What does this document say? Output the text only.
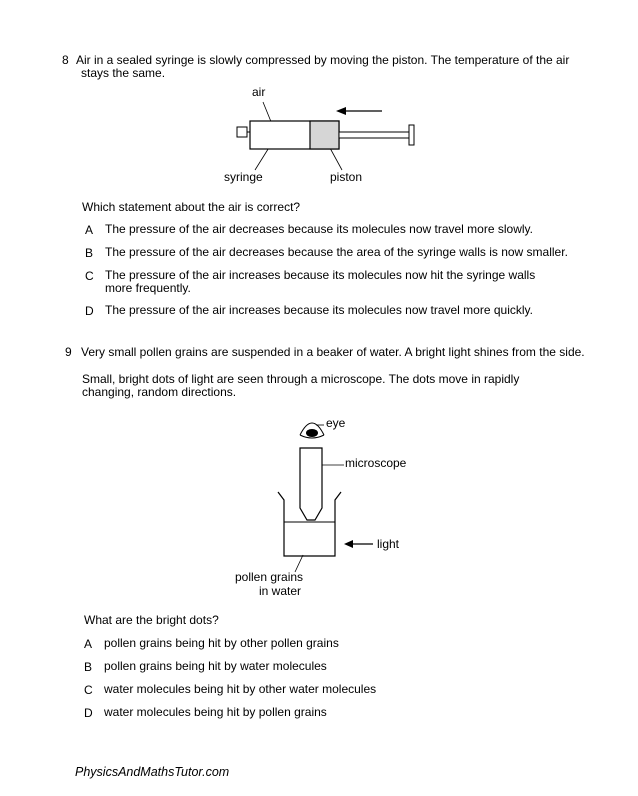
8 Air in a sealed syringe is slowly compressed by moving the piston. The temperature of the air
stays the same.
air
syringe	piston
Which statement about the air is correct?
A The pressure of the air decreases because its molecules now travel more slowly.
B The pressure of the air decreases because the area of the syringe walls is now smaller.
C The pressure of the air increases because its molecules now hit the syringe walls more frequently.
D The pressure of the air increases because its molecules now travel more quickly.
9 Very small pollen grains are suspended in a beaker of water. A bright light shines from the side.
Small, bright dots of light are seen through a microscope. The dots move in rapidly changing, random directions.
eye
microscope
light
pollen grains
in water
What are the bright dots?
A pollen grains being hit by other pollen grains
B pollen grains being hit by water molecules
C water molecules being hit by other water molecules
D water molecules being hit by pollen grains
PhysicsAndMathsTutor.com
